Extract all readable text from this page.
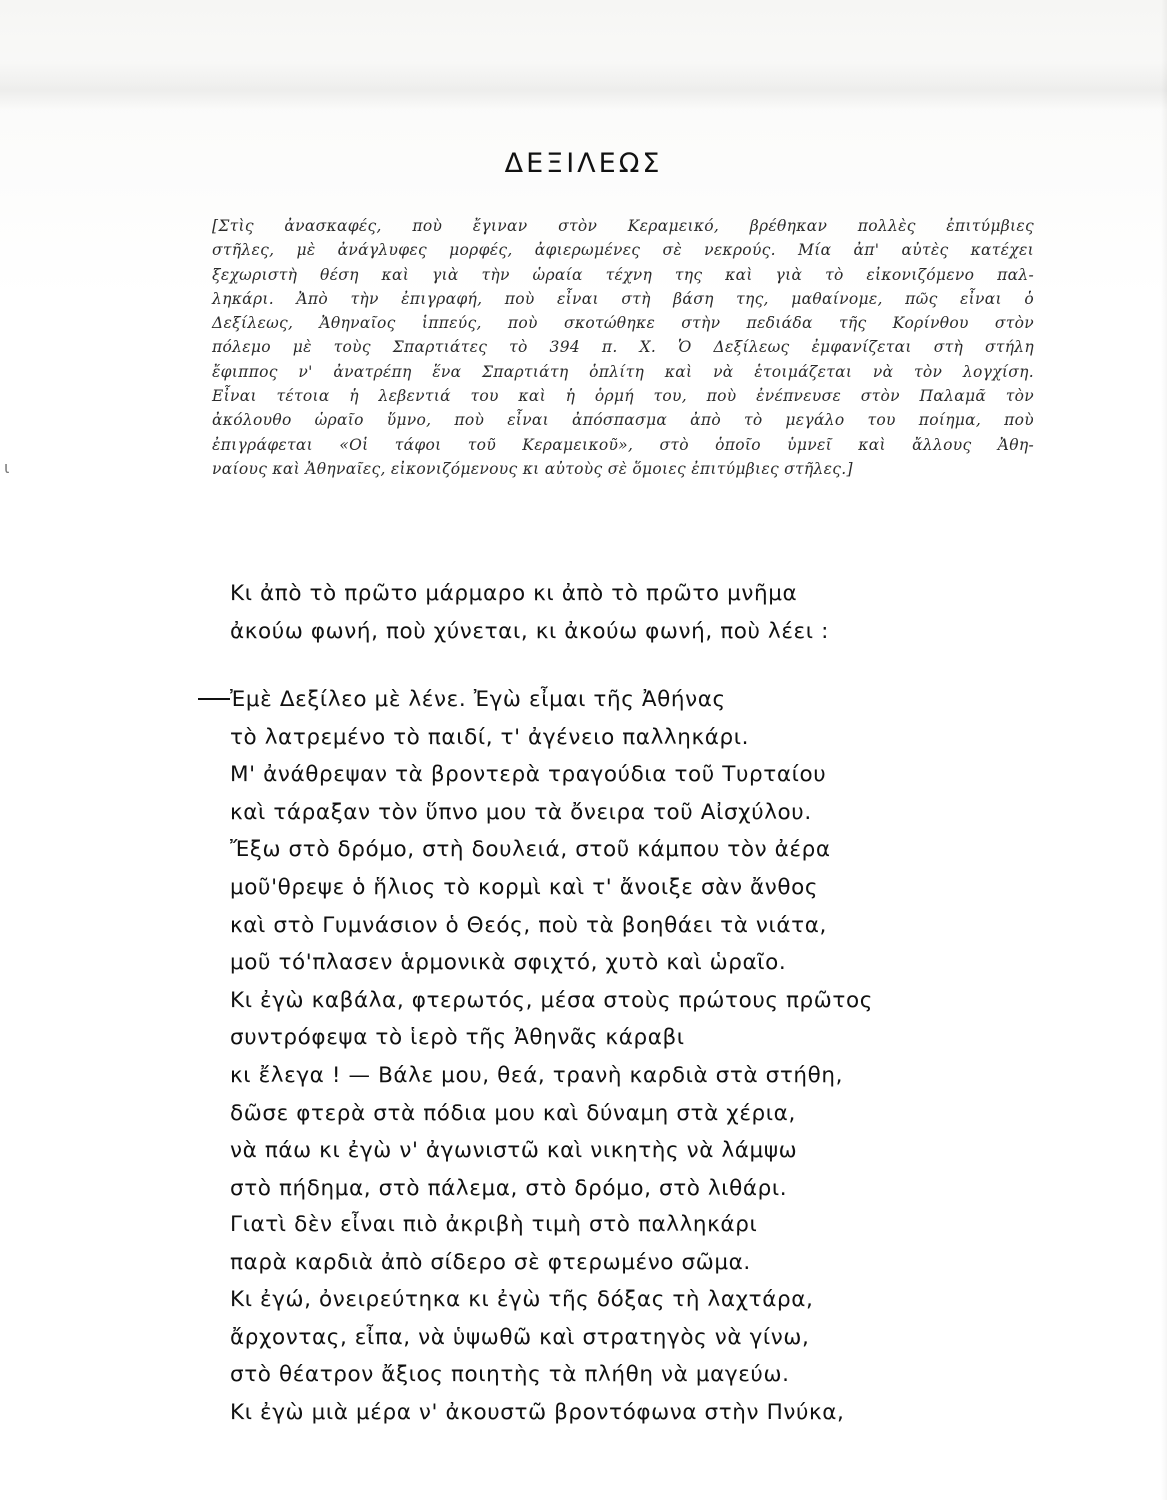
ι
ΔΕΞΙΛΕΩΣ
[Στὶς ἀνασκαφές, ποὺ ἔγιναν στὸν Κεραμεικό, βρέθηκαν πολλὲς ἐπιτύμβιες
στῆλες, μὲ ἀνάγλυφες μορφές, ἀφιερωμένες σὲ νεκρούς. Μία ἀπ' αὐτὲς κατέχει
ξεχωριστὴ θέση καὶ γιὰ τὴν ὡραία τέχνη της καὶ γιὰ τὸ εἰκονιζόμενο παλ-
ληκάρι. Ἀπὸ τὴν ἐπιγραφή, ποὺ εἶναι στὴ βάση της, μαθαίνομε, πῶς εἶναι ὁ
Δεξίλεως, Ἀθηναῖος ἱππεύς, ποὺ σκοτώθηκε στὴν πεδιάδα τῆς Κορίνθου στὸν
πόλεμο μὲ τοὺς Σπαρτιάτες τὸ 394 π. Χ. Ὁ Δεξίλεως ἐμφανίζεται στὴ στήλη
ἔφιππος ν' ἀνατρέπη ἕνα Σπαρτιάτη ὁπλίτη καὶ νὰ ἑτοιμάζεται νὰ τὸν λογχίση.
Εἶναι τέτοια ἡ λεβεντιά του καὶ ἡ ὁρμή του, ποὺ ἐνέπνευσε στὸν Παλαμᾶ τὸν
ἀκόλουθο ὡραῖο ὕμνο, ποὺ εἶναι ἀπόσπασμα ἀπὸ τὸ μεγάλο του ποίημα, ποὺ
ἐπιγράφεται «Οἱ τάφοι τοῦ Κεραμεικοῦ», στὸ ὁποῖο ὑμνεῖ καὶ ἄλλους Ἀθη-
ναίους καὶ Ἀθηναῖες, εἰκονιζόμενους κι αὐτοὺς σὲ ὅμοιες ἐπιτύμβιες στῆλες.]
Κι ἀπὸ τὸ πρῶτο μάρμαρο κι ἀπὸ τὸ πρῶτο μνῆμα
ἀκούω φωνή, ποὺ χύνεται, κι ἀκούω φωνή, ποὺ λέει :
Ἐμὲ Δεξίλεο μὲ λένε. Ἐγὼ εἶμαι τῆς Ἀθήνας
τὸ λατρεμένο τὸ παιδί, τ' ἀγένειο παλληκάρι.
Μ' ἀνάθρεψαν τὰ βροντερὰ τραγούδια τοῦ Τυρταίου
καὶ τάραξαν τὸν ὕπνο μου τὰ ὄνειρα τοῦ Αἰσχύλου.
Ἔξω στὸ δρόμο, στὴ δουλειά, στοῦ κάμπου τὸν ἀέρα
μοῦ'θρεψε ὁ ἥλιος τὸ κορμὶ καὶ τ' ἄνοιξε σὰν ἄνθος
καὶ στὸ Γυμνάσιον ὁ Θεός, ποὺ τὰ βοηθάει τὰ νιάτα,
μοῦ τό'πλασεν ἁρμονικὰ σφιχτό, χυτὸ καὶ ὡραῖο.
Κι ἐγὼ καβάλα, φτερωτός, μέσα στοὺς πρώτους πρῶτος
συντρόφεψα τὸ ἱερὸ τῆς Ἀθηνᾶς κάραβι
κι ἔλεγα ! — Βάλε μου, θεά, τρανὴ καρδιὰ στὰ στήθη,
δῶσε φτερὰ στὰ πόδια μου καὶ δύναμη στὰ χέρια,
νὰ πάω κι ἐγὼ ν' ἀγωνιστῶ καὶ νικητὴς νὰ λάμψω
στὸ πήδημα, στὸ πάλεμα, στὸ δρόμο, στὸ λιθάρι.
Γιατὶ δὲν εἶναι πιὸ ἀκριβὴ τιμὴ στὸ παλληκάρι
παρὰ καρδιὰ ἀπὸ σίδερο σὲ φτερωμένο σῶμα.
Κι ἐγώ, ὀνειρεύτηκα κι ἐγὼ τῆς δόξας τὴ λαχτάρα,
ἄρχοντας, εἶπα, νὰ ὑψωθῶ καὶ στρατηγὸς νὰ γίνω,
στὸ θέατρον ἄξιος ποιητὴς τὰ πλήθη νὰ μαγεύω.
Κι ἐγὼ μιὰ μέρα ν' ἀκουστῶ βροντόφωνα στὴν Πνύκα,
